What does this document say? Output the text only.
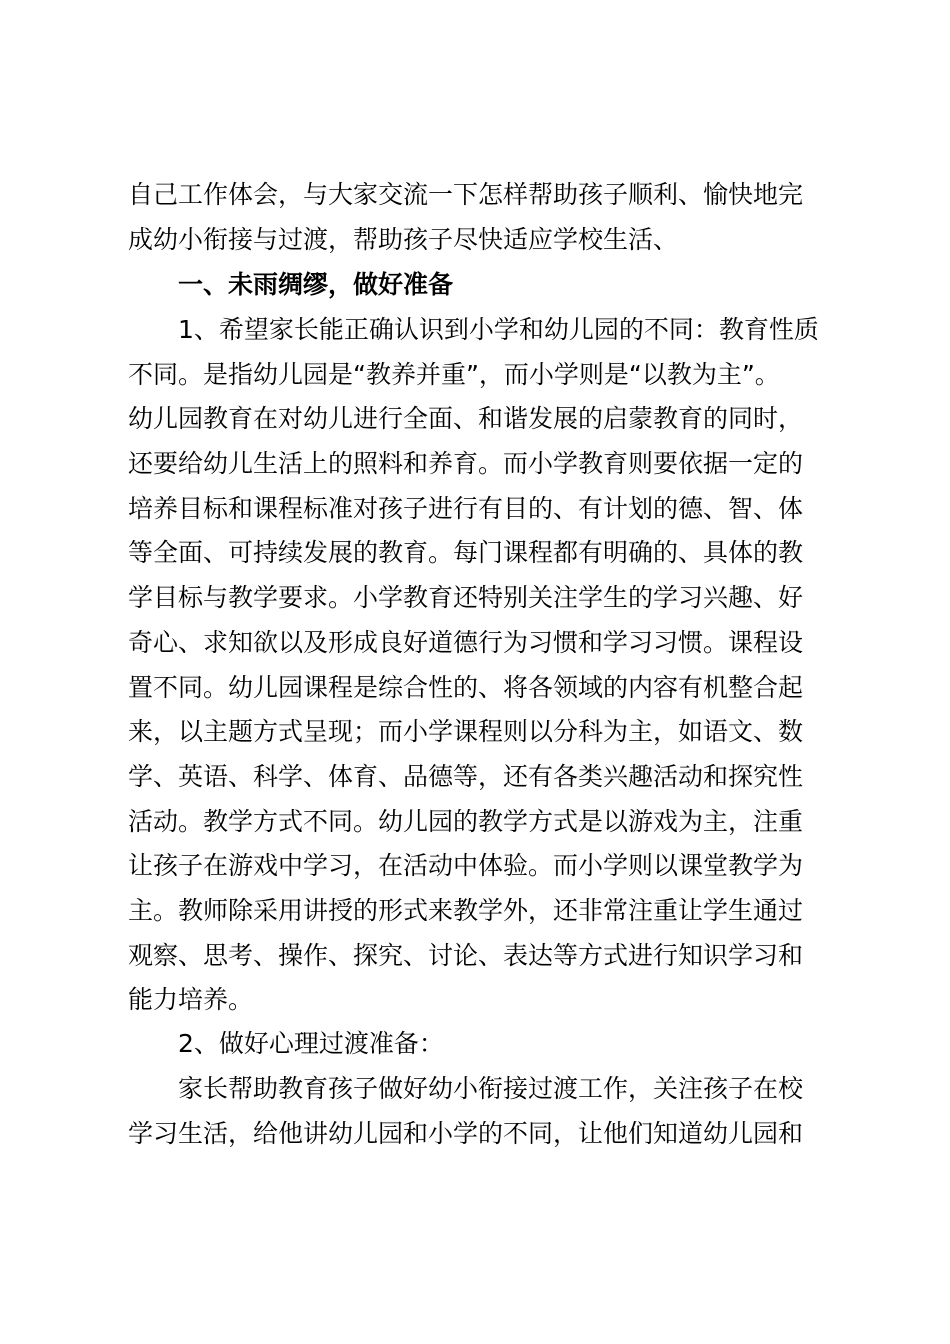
自己工作体会，与大家交流一下怎样帮助孩子顺利、愉快地完
成幼小衔接与过渡，帮助孩子尽快适应学校生活、
一、未雨绸缪，做好准备
1、希望家长能正确认识到小学和幼儿园的不同：教育性质
不同。是指幼儿园是“教养并重”，而小学则是“以教为主”。
幼儿园教育在对幼儿进行全面、和谐发展的启蒙教育的同时，
还要给幼儿生活上的照料和养育。而小学教育则要依据一定的
培养目标和课程标准对孩子进行有目的、有计划的德、智、体
等全面、可持续发展的教育。每门课程都有明确的、具体的教
学目标与教学要求。小学教育还特别关注学生的学习兴趣、好
奇心、求知欲以及形成良好道德行为习惯和学习习惯。课程设
置不同。幼儿园课程是综合性的、将各领域的内容有机整合起
来，以主题方式呈现；而小学课程则以分科为主，如语文、数
学、英语、科学、体育、品德等，还有各类兴趣活动和探究性
活动。教学方式不同。幼儿园的教学方式是以游戏为主，注重
让孩子在游戏中学习，在活动中体验。而小学则以课堂教学为
主。教师除采用讲授的形式来教学外，还非常注重让学生通过
观察、思考、操作、探究、讨论、表达等方式进行知识学习和
能力培养。
2、做好心理过渡准备：
家长帮助教育孩子做好幼小衔接过渡工作，关注孩子在校
学习生活，给他讲幼儿园和小学的不同，让他们知道幼儿园和
